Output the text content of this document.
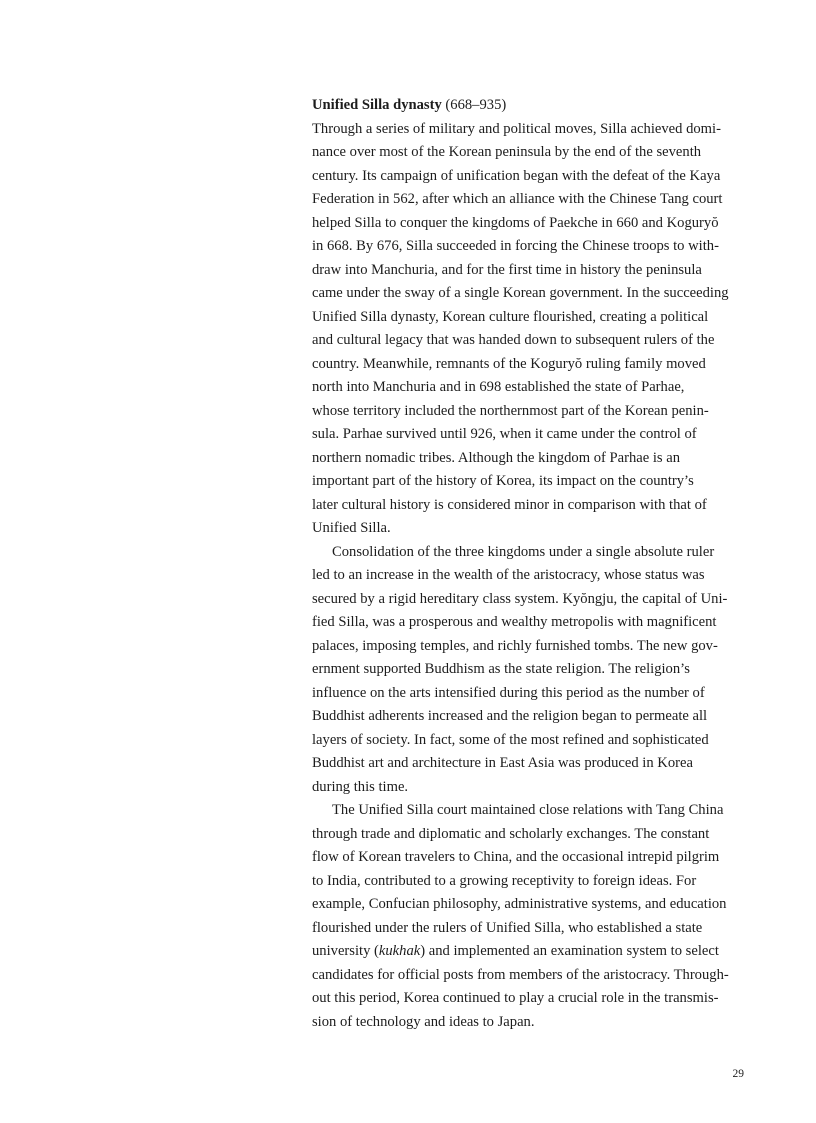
Unified Silla dynasty (668–935)
Through a series of military and political moves, Silla achieved domi-
nance over most of the Korean peninsula by the end of the seventh
century. Its campaign of unification began with the defeat of the Kaya
Federation in 562, after which an alliance with the Chinese Tang court
helped Silla to conquer the kingdoms of Paekche in 660 and Koguryŏ
in 668. By 676, Silla succeeded in forcing the Chinese troops to with-
draw into Manchuria, and for the first time in history the peninsula
came under the sway of a single Korean government. In the succeeding
Unified Silla dynasty, Korean culture flourished, creating a political
and cultural legacy that was handed down to subsequent rulers of the
country. Meanwhile, remnants of the Koguryŏ ruling family moved
north into Manchuria and in 698 established the state of Parhae,
whose territory included the northernmost part of the Korean penin-
sula. Parhae survived until 926, when it came under the control of
northern nomadic tribes. Although the kingdom of Parhae is an
important part of the history of Korea, its impact on the country’s
later cultural history is considered minor in comparison with that of
Unified Silla.
Consolidation of the three kingdoms under a single absolute ruler
led to an increase in the wealth of the aristocracy, whose status was
secured by a rigid hereditary class system. Kyŏngju, the capital of Uni-
fied Silla, was a prosperous and wealthy metropolis with magnificent
palaces, imposing temples, and richly furnished tombs. The new gov-
ernment supported Buddhism as the state religion. The religion’s
influence on the arts intensified during this period as the number of
Buddhist adherents increased and the religion began to permeate all
layers of society. In fact, some of the most refined and sophisticated
Buddhist art and architecture in East Asia was produced in Korea
during this time.
The Unified Silla court maintained close relations with Tang China
through trade and diplomatic and scholarly exchanges. The constant
flow of Korean travelers to China, and the occasional intrepid pilgrim
to India, contributed to a growing receptivity to foreign ideas. For
example, Confucian philosophy, administrative systems, and education
flourished under the rulers of Unified Silla, who established a state
university (kukhak) and implemented an examination system to select
candidates for official posts from members of the aristocracy. Through-
out this period, Korea continued to play a crucial role in the transmis-
sion of technology and ideas to Japan.
29
